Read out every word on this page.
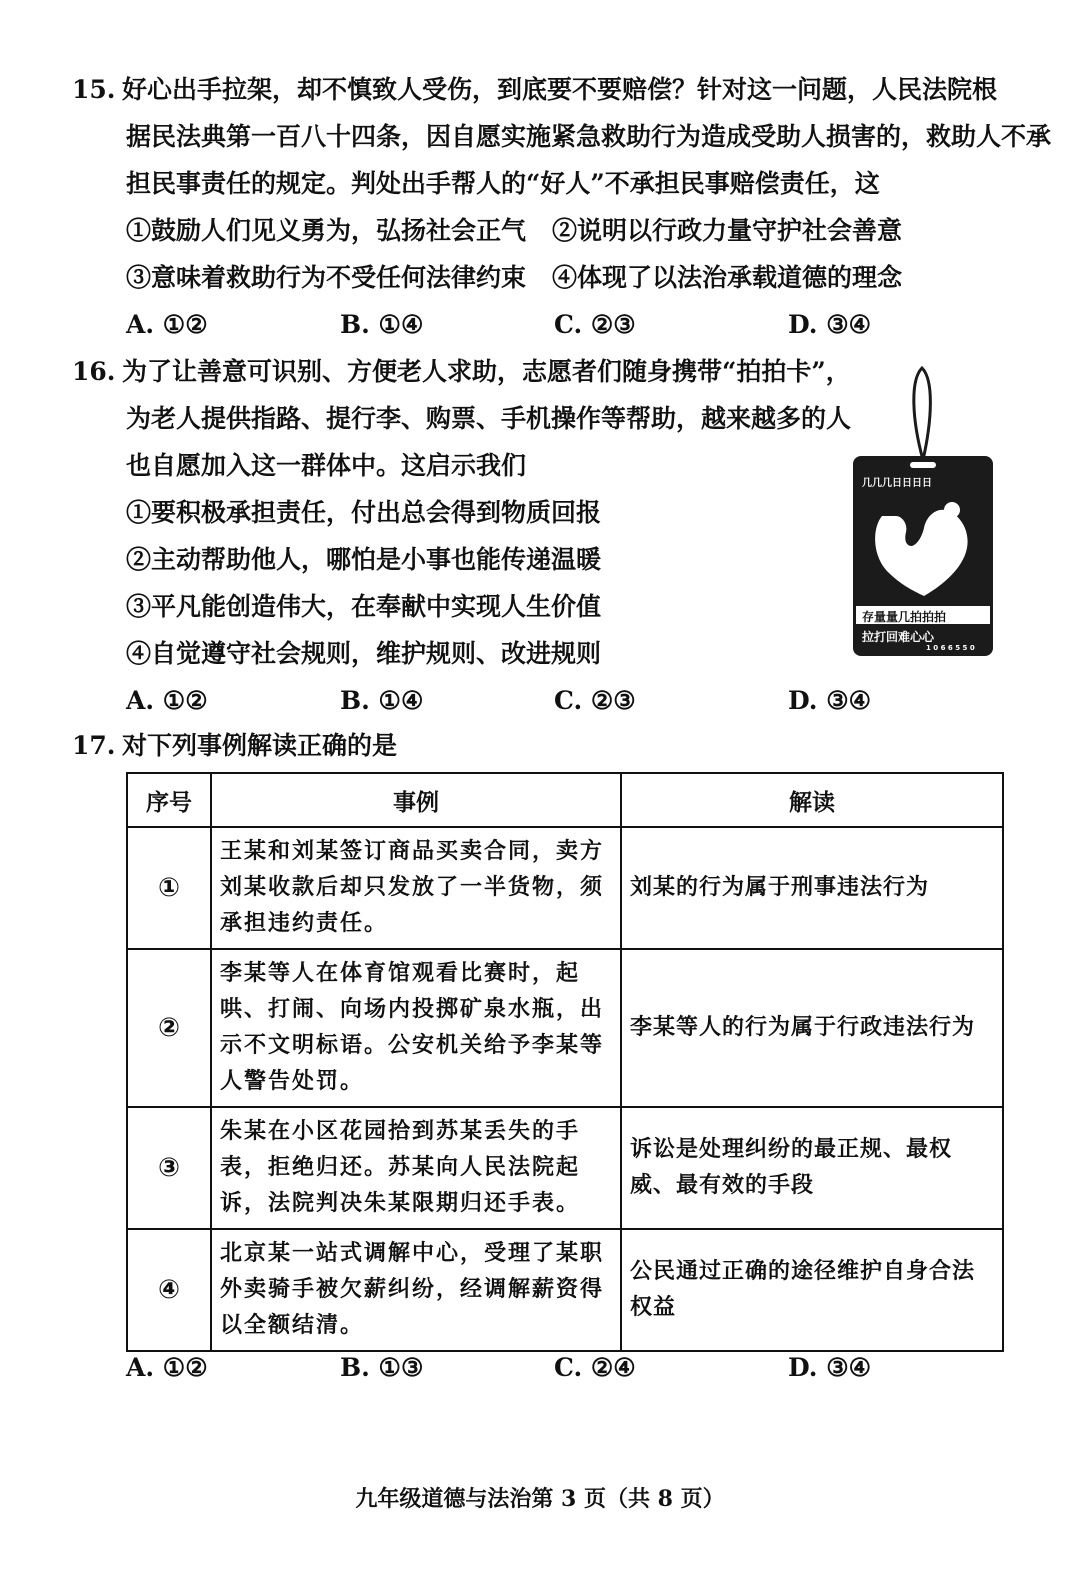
15. 好心出手拉架，却不慎致人受伤，到底要不要赔偿？针对这一问题，人民法院根
据民法典第一百八十四条，因自愿实施紧急救助行为造成受助人损害的，救助人不承
担民事责任的规定。判处出手帮人的“好人”不承担民事赔偿责任，这
①鼓励人们见义勇为，弘扬社会正气 ②说明以行政力量守护社会善意
③意味着救助行为不受任何法律约束 ④体现了以法治承载道德的理念
A. ①②	B. ①④	C. ②③	D. ③④
16. 为了让善意可识别、方便老人求助，志愿者们随身携带“拍拍卡”，
为老人提供指路、提行李、购票、手机操作等帮助，越来越多的人
也自愿加入这一群体中。这启示我们
①要积极承担责任，付出总会得到物质回报
②主动帮助他人，哪怕是小事也能传递温暖
③平凡能创造伟大，在奉献中实现人生价值
④自觉遵守社会规则，维护规则、改进规则
A. ①②	B. ①④	C. ②③	D. ③④
几几几日日日日
存量量几拍拍拍
拉打回难心心
1 0 6 6 5 5 0
17. 对下列事例解读正确的是
序号	事例	解读
①	王某和刘某签订商品买卖合同，卖方刘某收款后却只发放了一半货物，须承担违约责任。	刘某的行为属于刑事违法行为
②	李某等人在体育馆观看比赛时，起哄、打闹、向场内投掷矿泉水瓶，出示不文明标语。公安机关给予李某等人警告处罚。	李某等人的行为属于行政违法行为
③	朱某在小区花园拾到苏某丢失的手表，拒绝归还。苏某向人民法院起诉，法院判决朱某限期归还手表。	诉讼是处理纠纷的最正规、最权威、最有效的手段
④	北京某一站式调解中心，受理了某职外卖骑手被欠薪纠纷，经调解薪资得以全额结清。	公民通过正确的途径维护自身合法权益
A. ①②	B. ①③	C. ②④	D. ③④
九年级道德与法治第 3 页（共 8 页）
